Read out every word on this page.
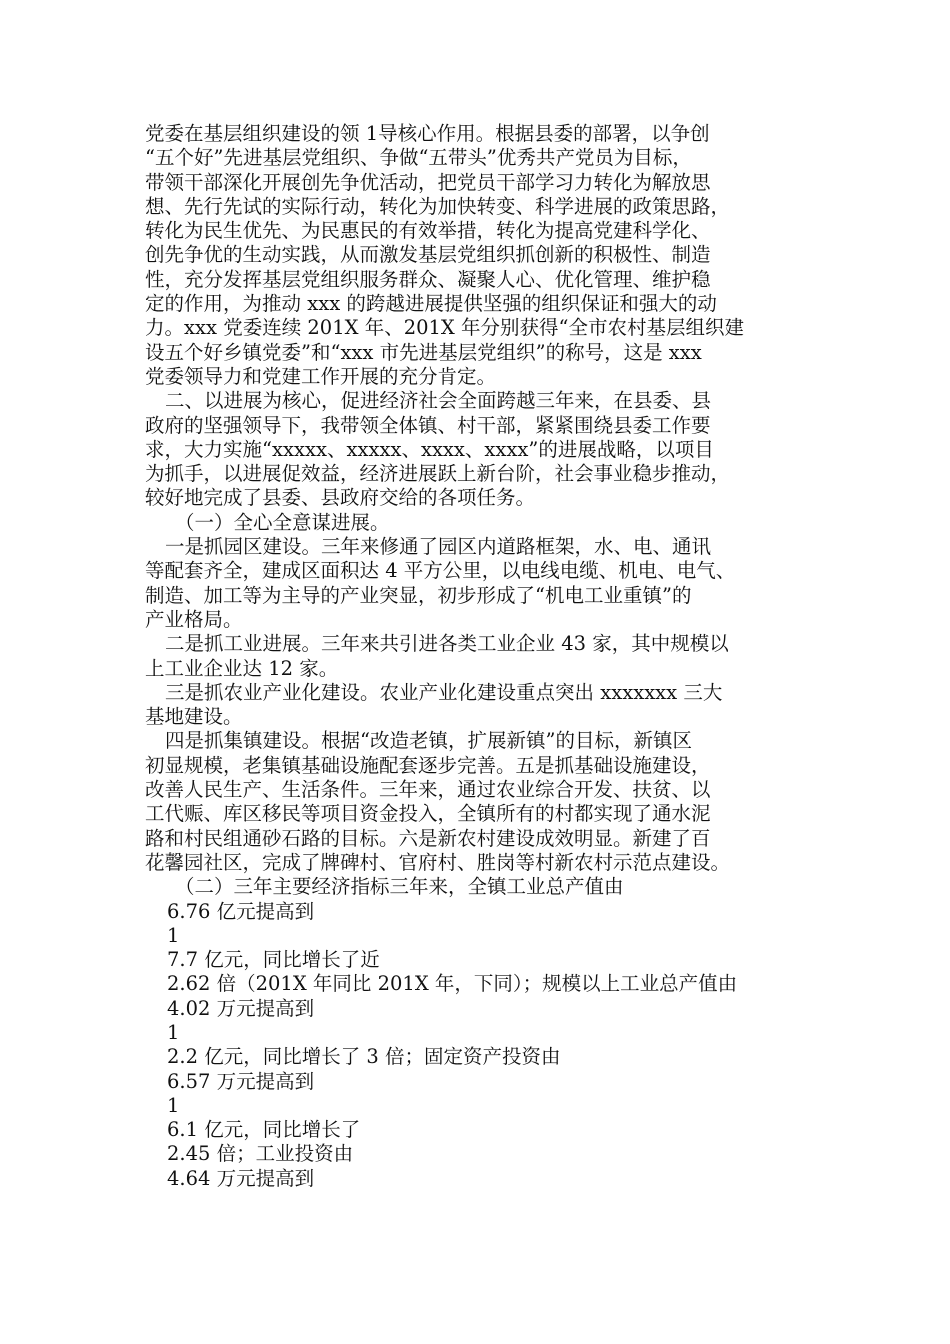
党委在基层组织建设的领 1导核心作用。根据县委的部署，以争创
“五个好”先进基层党组织、争做“五带头”优秀共产党员为目标，
带领干部深化开展创先争优活动，把党员干部学习力转化为解放思
想、先行先试的实际行动，转化为加快转变、科学进展的政策思路，
转化为民生优先、为民惠民的有效举措，转化为提高党建科学化、
创先争优的生动实践，从而激发基层党组织抓创新的积极性、制造
性，充分发挥基层党组织服务群众、凝聚人心、优化管理、维护稳
定的作用，为推动 xxx 的跨越进展提供坚强的组织保证和强大的动
力。xxx 党委连续 201X 年、201X 年分别获得“全市农村基层组织建
设五个好乡镇党委”和“xxx 市先进基层党组织”的称号，这是 xxx
党委领导力和党建工作开展的充分肯定。
二、以进展为核心，促进经济社会全面跨越三年来，在县委、县
政府的坚强领导下，我带领全体镇、村干部，紧紧围绕县委工作要
求，大力实施“xxxxx、xxxxx、xxxx、xxxx”的进展战略，以项目
为抓手，以进展促效益，经济进展跃上新台阶，社会事业稳步推动，
较好地完成了县委、县政府交给的各项任务。
（一）全心全意谋进展。
一是抓园区建设。三年来修通了园区内道路框架，水、电、通讯
等配套齐全，建成区面积达 4 平方公里，以电线电缆、机电、电气、
制造、加工等为主导的产业突显，初步形成了“机电工业重镇”的
产业格局。
二是抓工业进展。三年来共引进各类工业企业 43 家，其中规模以
上工业企业达 12 家。
三是抓农业产业化建设。农业产业化建设重点突出 xxxxxxx 三大
基地建设。
四是抓集镇建设。根据“改造老镇，扩展新镇”的目标，新镇区
初显规模，老集镇基础设施配套逐步完善。五是抓基础设施建设，
改善人民生产、生活条件。三年来，通过农业综合开发、扶贫、以
工代赈、库区移民等项目资金投入，全镇所有的村都实现了通水泥
路和村民组通砂石路的目标。六是新农村建设成效明显。新建了百
花馨园社区，完成了牌碑村、官府村、胜岗等村新农村示范点建设。
（二）三年主要经济指标三年来，全镇工业总产值由
6.76 亿元提高到
1
7.7 亿元，同比增长了近
2.62 倍（201X 年同比 201X 年，下同）；规模以上工业总产值由
4.02 万元提高到
1
2.2 亿元，同比增长了 3 倍；固定资产投资由
6.57 万元提高到
1
6.1 亿元，同比增长了
2.45 倍；工业投资由
4.64 万元提高到
